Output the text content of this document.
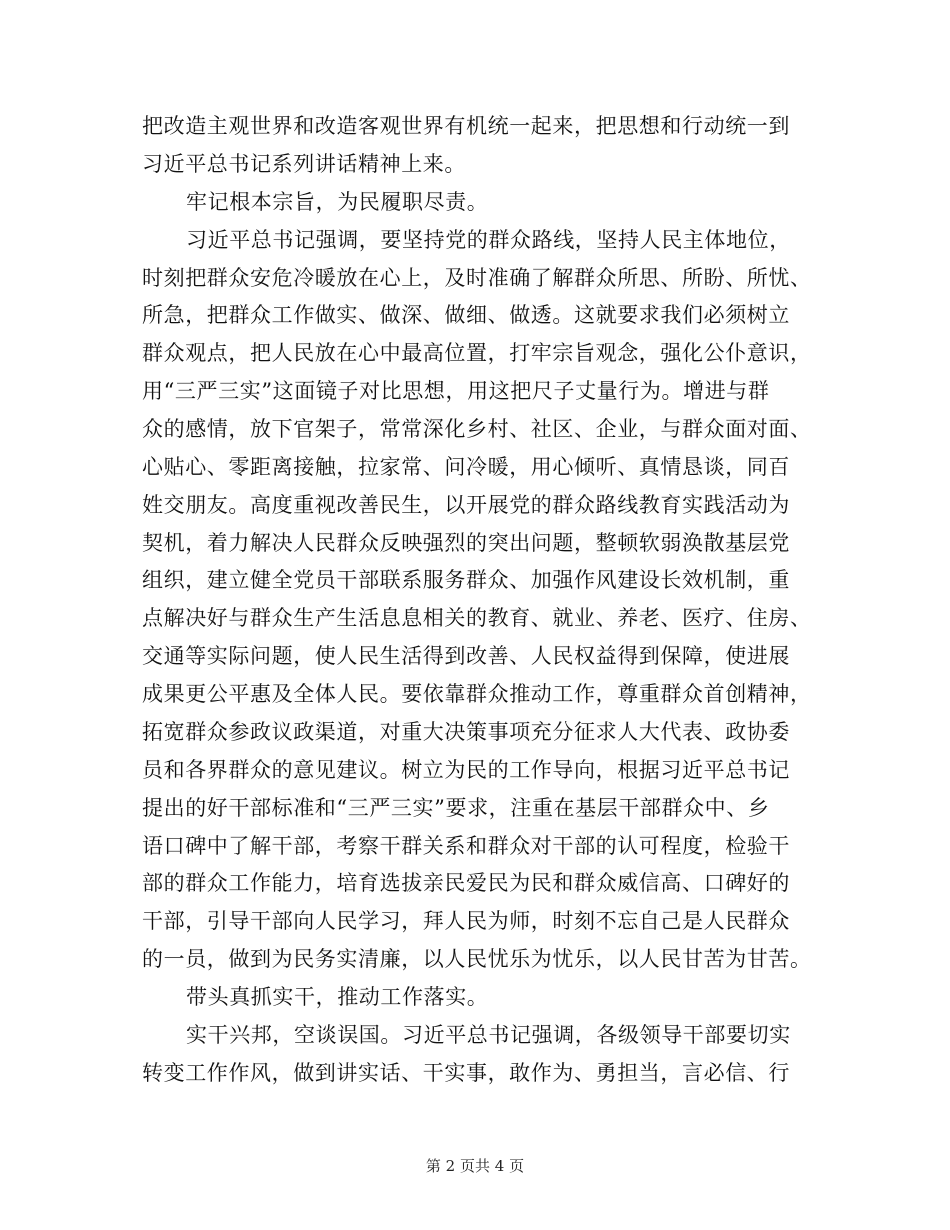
把改造主观世界和改造客观世界有机统一起来，把思想和行动统一到
习近平总书记系列讲话精神上来。
牢记根本宗旨，为民履职尽责。
习近平总书记强调，要坚持党的群众路线，坚持人民主体地位，
时刻把群众安危冷暖放在心上，及时准确了解群众所思、所盼、所忧、
所急，把群众工作做实、做深、做细、做透。这就要求我们必须树立
群众观点，把人民放在心中最高位置，打牢宗旨观念，强化公仆意识，
用“三严三实”这面镜子对比思想，用这把尺子丈量行为。增进与群
众的感情，放下官架子，常常深化乡村、社区、企业，与群众面对面、
心贴心、零距离接触，拉家常、问冷暖，用心倾听、真情恳谈，同百
姓交朋友。高度重视改善民生，以开展党的群众路线教育实践活动为
契机，着力解决人民群众反映强烈的突出问题，整顿软弱涣散基层党
组织，建立健全党员干部联系服务群众、加强作风建设长效机制，重
点解决好与群众生产生活息息相关的教育、就业、养老、医疗、住房、
交通等实际问题，使人民生活得到改善、人民权益得到保障，使进展
成果更公平惠及全体人民。要依靠群众推动工作，尊重群众首创精神，
拓宽群众参政议政渠道，对重大决策事项充分征求人大代表、政协委
员和各界群众的意见建议。树立为民的工作导向，根据习近平总书记
提出的好干部标准和“三严三实”要求，注重在基层干部群众中、乡
语口碑中了解干部，考察干群关系和群众对干部的认可程度，检验干
部的群众工作能力，培育选拔亲民爱民为民和群众威信高、口碑好的
干部，引导干部向人民学习，拜人民为师，时刻不忘自己是人民群众
的一员，做到为民务实清廉，以人民忧乐为忧乐，以人民甘苦为甘苦。
带头真抓实干，推动工作落实。
实干兴邦，空谈误国。习近平总书记强调，各级领导干部要切实
转变工作作风，做到讲实话、干实事，敢作为、勇担当，言必信、行
第 2 页共 4 页
